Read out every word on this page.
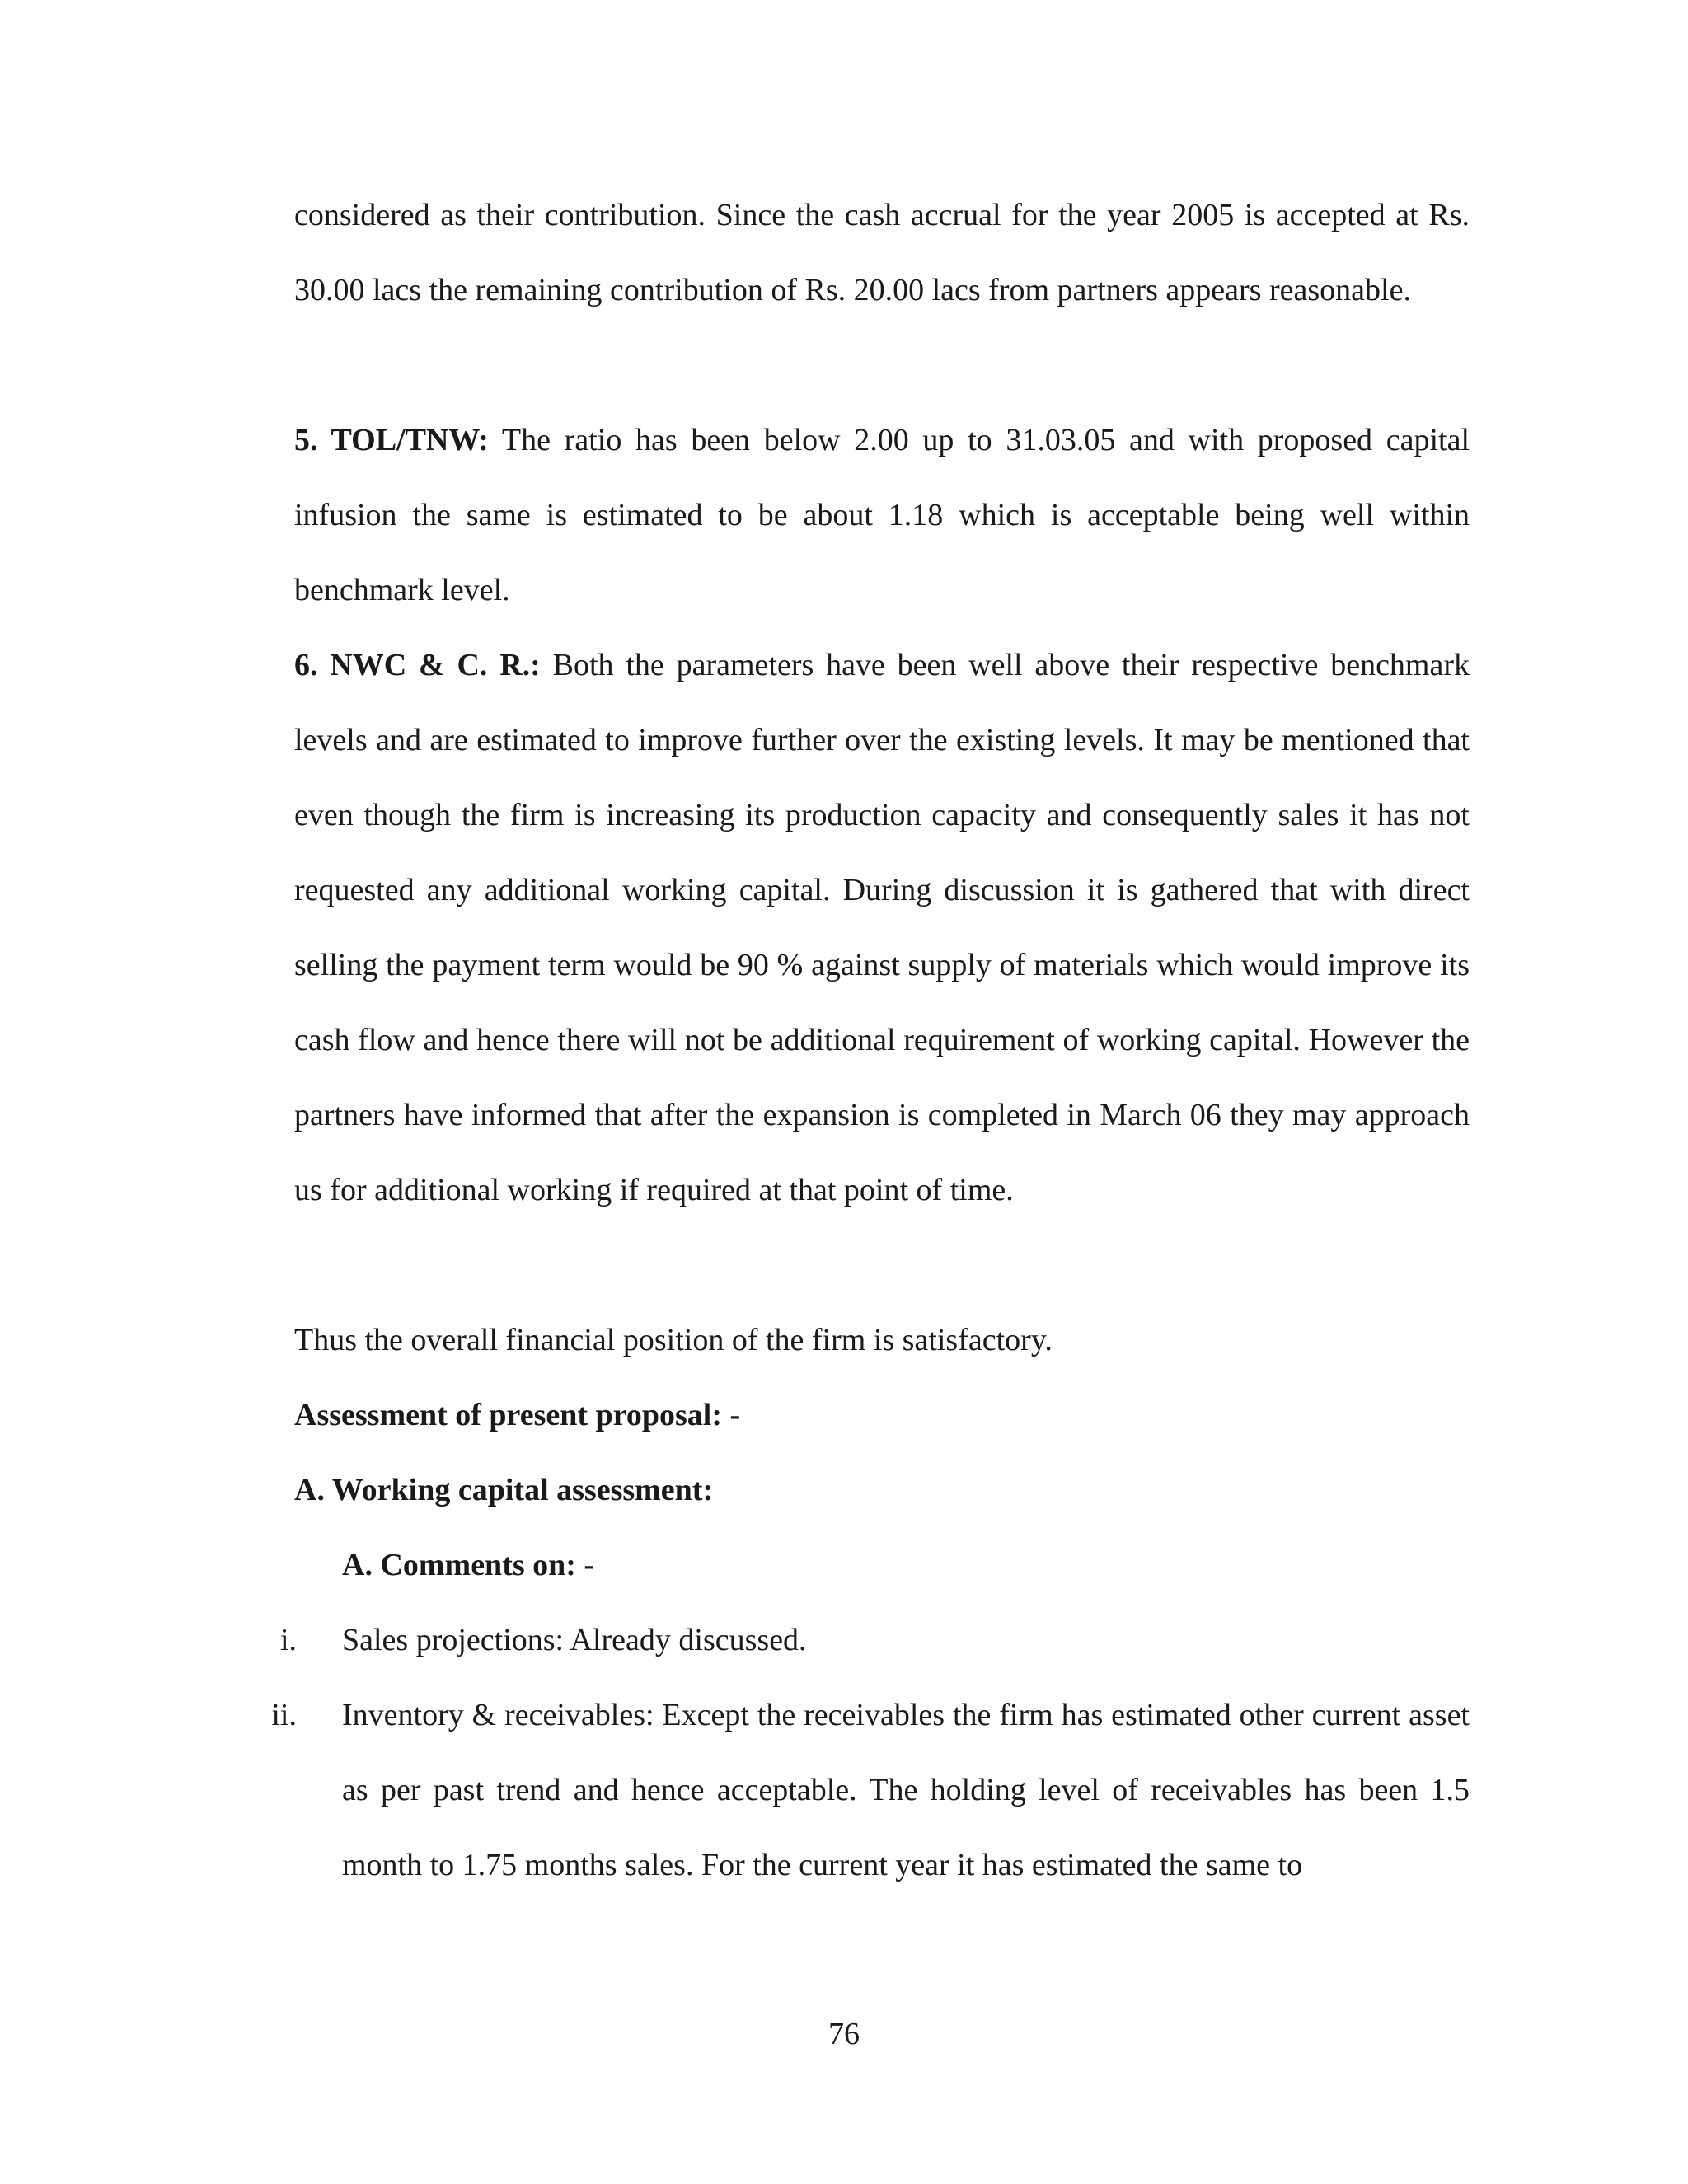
considered as their contribution. Since the cash accrual for the year 2005 is accepted at Rs. 30.00 lacs the remaining contribution of Rs. 20.00 lacs from partners appears reasonable.

5. TOL/TNW: The ratio has been below 2.00 up to 31.03.05 and with proposed capital infusion the same is estimated to be about 1.18 which is acceptable being well within benchmark level.

6. NWC & C. R.: Both the parameters have been well above their respective benchmark levels and are estimated to improve further over the existing levels. It may be mentioned that even though the firm is increasing its production capacity and consequently sales it has not requested any additional working capital. During discussion it is gathered that with direct selling the payment term would be 90 % against supply of materials which would improve its cash flow and hence there will not be additional requirement of working capital. However the partners have informed that after the expansion is completed in March 06 they may approach us for additional working if required at that point of time.

Thus the overall financial position of the firm is satisfactory.

Assessment of present proposal: -
A. Working capital assessment:
A. Comments on: -
i.	Sales projections: Already discussed.
ii.	Inventory & receivables: Except the receivables the firm has estimated other current asset as per past trend and hence acceptable. The holding level of receivables has been 1.5 month to 1.75 months sales. For the current year it has estimated the same to
76
